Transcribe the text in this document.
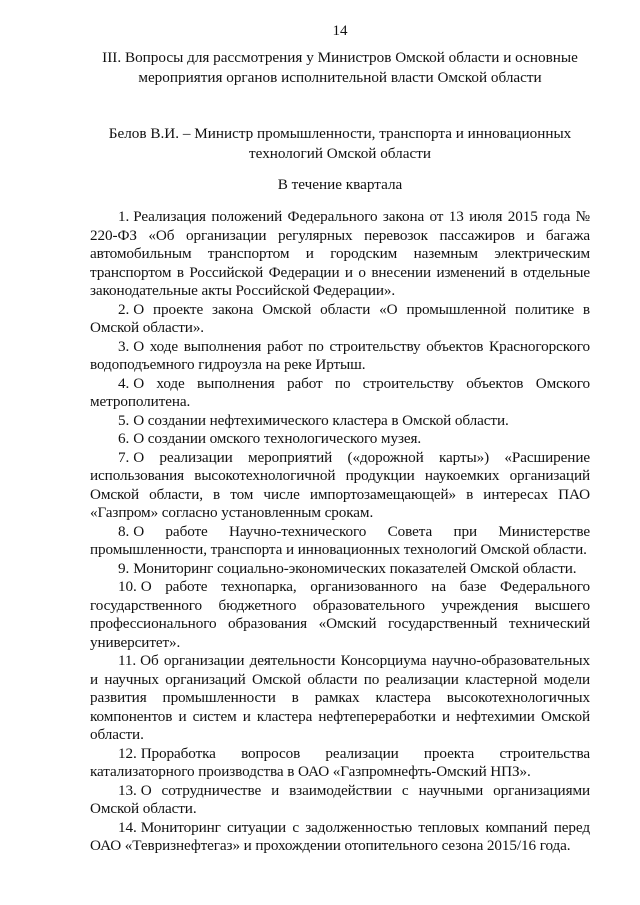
14
III. Вопросы для рассмотрения у Министров Омской области и основные мероприятия органов исполнительной власти Омской области
Белов В.И. – Министр промышленности, транспорта и инновационных технологий Омской области
В течение квартала
1. Реализация положений Федерального закона от 13 июля 2015 года № 220-ФЗ «Об организации регулярных перевозок пассажиров и багажа автомобильным транспортом и городским наземным электрическим транспортом в Российской Федерации и о внесении изменений в отдельные законодательные акты Российской Федерации».
2. О проекте закона Омской области «О промышленной политике в Омской области».
3. О ходе выполнения работ по строительству объектов Красногорского водоподъемного гидроузла на реке Иртыш.
4. О ходе выполнения работ по строительству объектов Омского метрополитена.
5. О создании нефтехимического кластера в Омской области.
6. О создании омского технологического музея.
7. О реализации мероприятий («дорожной карты») «Расширение использования высокотехнологичной продукции наукоемких организаций Омской области, в том числе импортозамещающей» в интересах ПАО «Газпром» согласно установленным срокам.
8. О работе Научно-технического Совета при Министерстве промышленности, транспорта и инновационных технологий Омской области.
9. Мониторинг социально-экономических показателей Омской области.
10. О работе технопарка, организованного на базе Федерального государственного бюджетного образовательного учреждения высшего профессионального образования «Омский государственный технический университет».
11. Об организации деятельности Консорциума научно-образовательных и научных организаций Омской области по реализации кластерной модели развития промышленности в рамках кластера высокотехнологичных компонентов и систем и кластера нефтепереработки и нефтехимии Омской области.
12. Проработка вопросов реализации проекта строительства катализаторного производства в ОАО «Газпромнефть-Омский НПЗ».
13. О сотрудничестве и взаимодействии с научными организациями Омской области.
14. Мониторинг ситуации с задолженностью тепловых компаний перед ОАО «Тевризнефтегаз» и прохождении отопительного сезона 2015/16 года.
